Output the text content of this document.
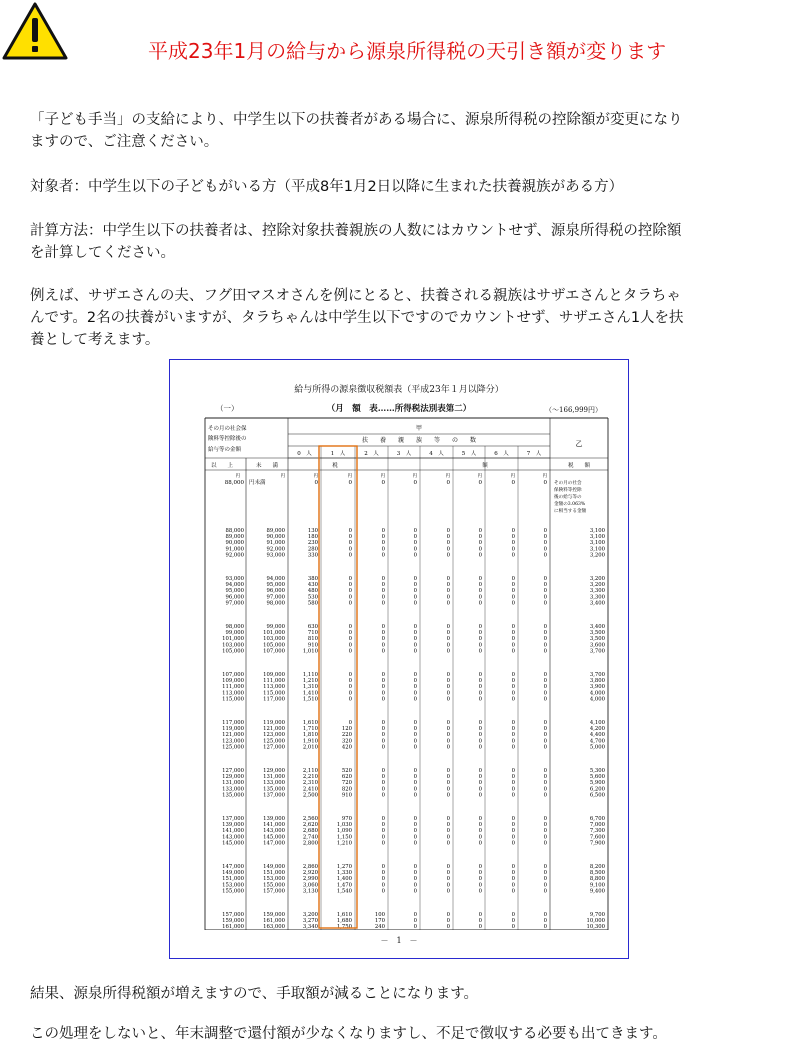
平成23年1月の給与から源泉所得税の天引き額が変ります
「子ども手当」の支給により、中学生以下の扶養者がある場合に、源泉所得税の控除額が変更になり
ますので、ご注意ください。
対象者：中学生以下の子どもがいる方（平成8年1月2日以降に生まれた扶養親族がある方）
計算方法：中学生以下の扶養者は、控除対象扶養親族の人数にはカウントせず、源泉所得税の控除額
を計算してください。
例えば、サザエさんの夫、フグ田マスオさんを例にとると、扶養される親族はサザエさんとタラちゃ
んです。2名の扶養がいますが、タラちゃんは中学生以下ですのでカウントせず、サザエさん1人を扶
養として考えます。
給与所得の源泉徴収税額表（平成23年１月以降分）
（一）	（月　額　表……所得税法別表第二）	（～166,999円）
その月の社会保
険料等控除後の
給与等の金額
甲
扶　　養　　親　　族　　等　　の　　数	乙
0　人	1　人	2　人	3　人	4　人	5　人	6　人	7　人
以　　上	未　　満	税	額	税　　額
円	円	円	円	円	円	円	円	円	円
88,000 円未満	0	0	0	0	0	0	0	0 その月の社会
保険料等控除
後の給与等の
金額の3.063%
に相当する金額
88,000	89,000	130	0	0	0	0	0	0	0	3,100
89,000	90,000	180	0	0	0	0	0	0	0	3,100
90,000	91,000	230	0	0	0	0	0	0	0	3,100
91,000	92,000	280	0	0	0	0	0	0	0	3,100
92,000	93,000	330	0	0	0	0	0	0	0	3,200
93,000	94,000	380	0	0	0	0	0	0	0	3,200
94,000	95,000	430	0	0	0	0	0	0	0	3,200
95,000	96,000	480	0	0	0	0	0	0	0	3,300
96,000	97,000	530	0	0	0	0	0	0	0	3,300
97,000	98,000	580	0	0	0	0	0	0	0	3,400
98,000	99,000	630	0	0	0	0	0	0	0	3,400
99,000	101,000	710	0	0	0	0	0	0	0	3,500
101,000	103,000	810	0	0	0	0	0	0	0	3,500
103,000	105,000	910	0	0	0	0	0	0	0	3,600
105,000	107,000	1,010	0	0	0	0	0	0	0	3,700
107,000	109,000	1,110	0	0	0	0	0	0	0	3,700
109,000	111,000	1,210	0	0	0	0	0	0	0	3,800
111,000	113,000	1,310	0	0	0	0	0	0	0	3,900
113,000	115,000	1,410	0	0	0	0	0	0	0	4,000
115,000	117,000	1,510	0	0	0	0	0	0	0	4,000
117,000	119,000	1,610	0	0	0	0	0	0	0	4,100
119,000	121,000	1,710	120	0	0	0	0	0	0	4,200
121,000	123,000	1,810	220	0	0	0	0	0	0	4,400
123,000	125,000	1,910	320	0	0	0	0	0	0	4,700
125,000	127,000	2,010	420	0	0	0	0	0	0	5,000
127,000	129,000	2,110	520	0	0	0	0	0	0	5,300
129,000	131,000	2,210	620	0	0	0	0	0	0	5,600
131,000	133,000	2,310	720	0	0	0	0	0	0	5,900
133,000	135,000	2,410	820	0	0	0	0	0	0	6,200
135,000	137,000	2,500	910	0	0	0	0	0	0	6,500
137,000	139,000	2,560	970	0	0	0	0	0	0	6,700
139,000	141,000	2,620	1,030	0	0	0	0	0	0	7,000
141,000	143,000	2,680	1,090	0	0	0	0	0	0	7,300
143,000	145,000	2,740	1,150	0	0	0	0	0	0	7,600
145,000	147,000	2,800	1,210	0	0	0	0	0	0	7,900
147,000	149,000	2,860	1,270	0	0	0	0	0	0	8,200
149,000	151,000	2,920	1,330	0	0	0	0	0	0	8,500
151,000	153,000	2,990	1,400	0	0	0	0	0	0	8,800
153,000	155,000	3,060	1,470	0	0	0	0	0	0	9,100
155,000	157,000	3,130	1,540	0	0	0	0	0	0	9,400
157,000	159,000	3,200	1,610	100	0	0	0	0	0	9,700
159,000	161,000	3,270	1,680	170	0	0	0	0	0	10,000
161,000	163,000	3,340	1,750	240	0	0	0	0	0	10,300
－　1　－
結果、源泉所得税額が増えますので、手取額が減ることになります。
この処理をしないと、年末調整で還付額が少なくなりますし、不足で徴収する必要も出てきます。
